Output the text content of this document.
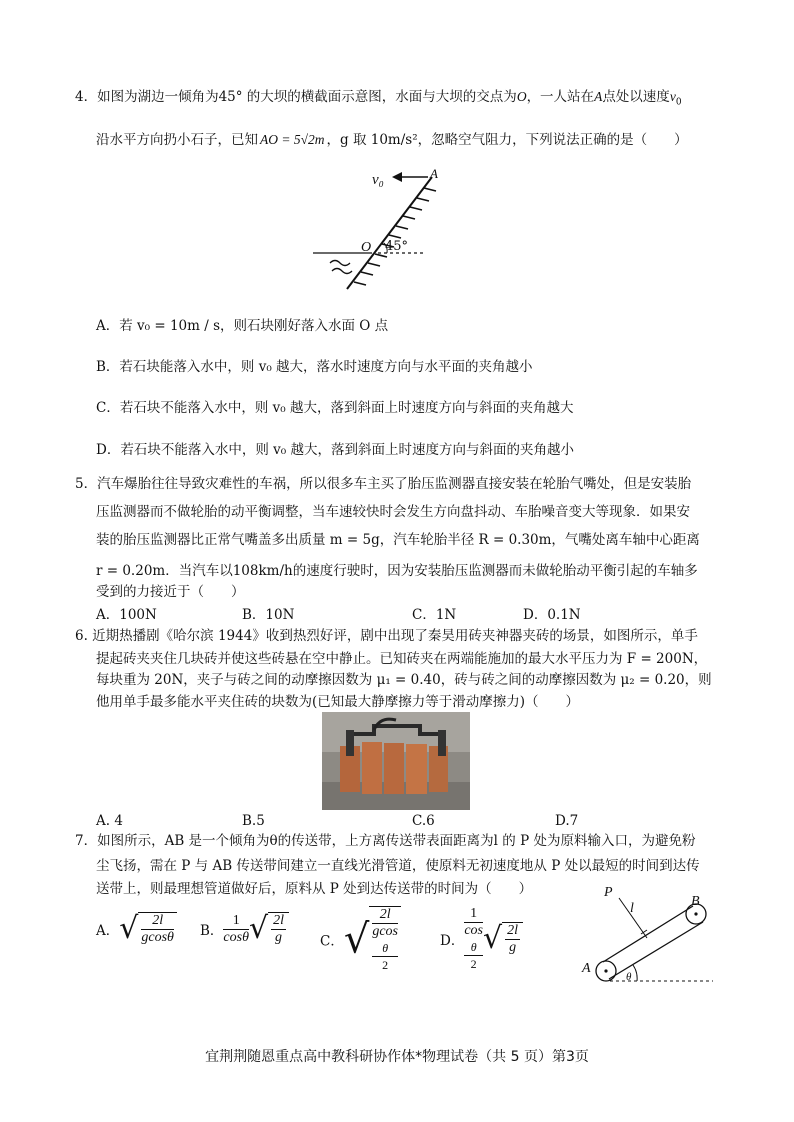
4．如图为湖边一倾角为45° 的大坝的横截面示意图，水面与大坝的交点为O，一人站在A点处以速度$v_0$
沿水平方向扔小石子，已知 AO = 5√2m ，g 取 10m/s²，忽略空气阻力，下列说法正确的是（　　）
v₀	A
O 45°
A．若 v₀ = 10m / s，则石块刚好落入水面 O 点
B．若石块能落入水中，则 v₀ 越大，落水时速度方向与水平面的夹角越小
C．若石块不能落入水中，则 v₀ 越大，落到斜面上时速度方向与斜面的夹角越大
D．若石块不能落入水中，则 v₀ 越大，落到斜面上时速度方向与斜面的夹角越小
5．汽车爆胎往往导致灾难性的车祸，所以很多车主买了胎压监测器直接安装在轮胎气嘴处，但是安装胎
压监测器而不做轮胎的动平衡调整，当车速较快时会发生方向盘抖动、车胎噪音变大等现象．如果安
装的胎压监测器比正常气嘴盖多出质量 m = 5g，汽车轮胎半径 R = 0.30m，气嘴处离车轴中心距离
r = 0.20m．当汽车以108km/h的速度行驶时，因为安装胎压监测器而未做轮胎动平衡引起的车轴多
受到的力接近于（　　）
A．100N	B．10N	C．1N	D．0.1N
6. 近期热播剧《哈尔滨 1944》收到热烈好评，剧中出现了秦昊用砖夹神器夹砖的场景，如图所示，单手
提起砖夹夹住几块砖并使这些砖悬在空中静止。已知砖夹在两端能施加的最大水平压力为 F = 200N，
每块重为 20N，夹子与砖之间的动摩擦因数为 μ₁ = 0.40，砖与砖之间的动摩擦因数为 μ₂ = 0.20，则
他用单手最多能水平夹住砖的块数为(已知最大静摩擦力等于滑动摩擦力)（　　）
A. 4	B.5	C.6	D.7
7．如图所示，AB 是一个倾角为θ的传送带，上方离传送带表面距离为l 的 P 处为原料输入口，为避免粉
尘飞扬，需在 P 与 AB 传送带间建立一直线光滑管道，使原料无初速度地从 P 处以最短的时间到达传
送带上，则最理想管道做好后，原料从 P 处到达传送带的时间为（　　）
A．√ $\frac{2l}{gcos\theta}$ B． $\frac{1}{\cos\theta}$ √ $\frac{2l}{g}$	C．√ 2l
gcos
θ
2	D． 1
cos
θ
2 √ $\frac{2l}{g}$
P
l	B
A
θ
宜荆荆随恩重点高中教科研协作体*物理试卷（共 5 页）第3页
